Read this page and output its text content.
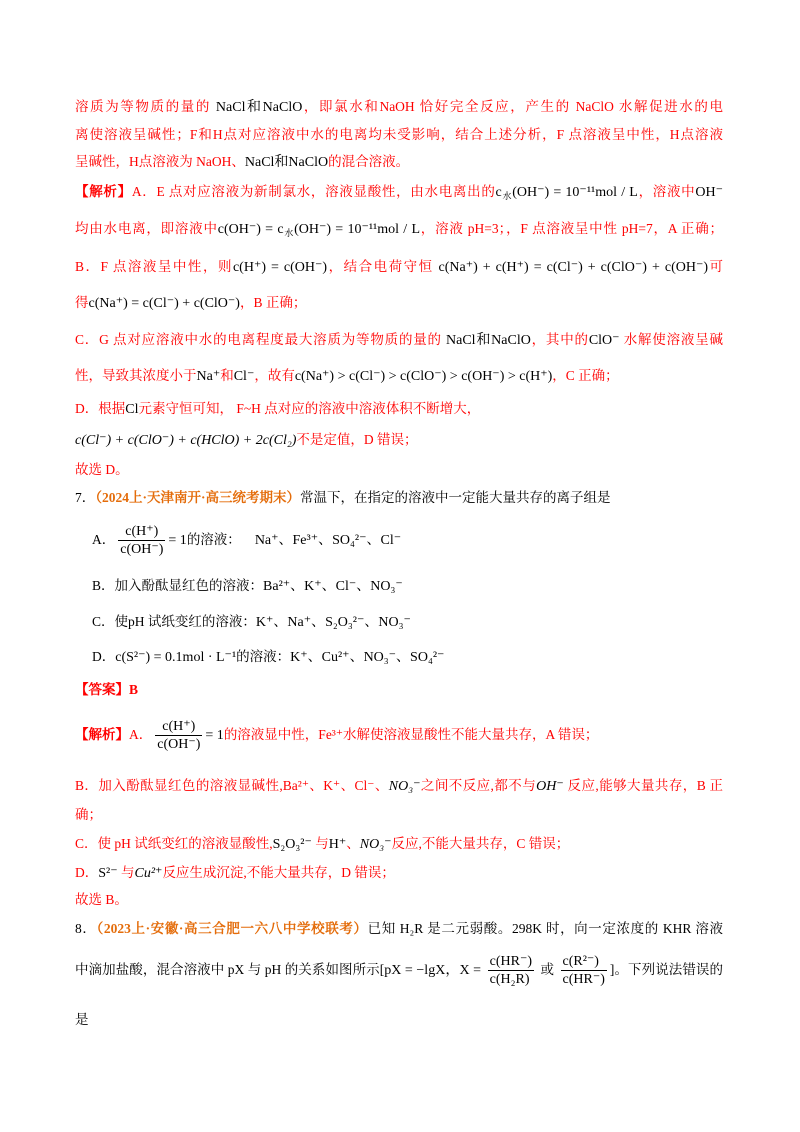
溶质为等物质的量的 NaCl和NaClO，即氯水和NaOH 恰好完全反应，产生的 NaClO 水解促进水的电
离使溶液呈碱性；F和H点对应溶液中水的电离均未受影响，结合上述分析，F 点溶液呈中性，H点溶液
呈碱性，H点溶液为 NaOH、NaCl和NaClO的混合溶液。
【解析】A．E 点对应溶液为新制氯水，溶液显酸性，由水电离出的$c_水(OH^-) = 10^{-11}mol / L$，溶液中OH⁻
均由水电离，即溶液中$c(OH^-) = c_水(OH^-) = 10^{-11}mol / L$，溶液 pH=3；，F 点溶液呈中性 pH=7，A 正确；
B．F 点溶液呈中性，则c(H⁺) = c(OH⁻)，结合电荷守恒 c(Na⁺) + c(H⁺) = c(Cl⁻) + c(ClO⁻) + c(OH⁻)可
得c(Na⁺) = c(Cl⁻) + c(ClO⁻)，B 正确；
C．G 点对应溶液中水的电离程度最大溶质为等物质的量的 NaCl和NaClO，其中的ClO⁻ 水解使溶液呈碱
性，导致其浓度小于Na⁺和Cl⁻，故有c(Na⁺) > c(Cl⁻) > c(ClO⁻) > c(OH⁻) > c(H⁺)，C 正确；
D．根据Cl元素守恒可知， F~H 点对应的溶液中溶液体积不断增大，
c(Cl⁻) + c(ClO⁻) + c(HClO) + 2c(Cl₂)不是定值，D 错误；
故选 D。
7．（2024上·天津南开·高三统考期末）常温下，在指定的溶液中一定能大量共存的离子组是
A． $\frac{c(H^+)}{c(OH^-)} = 1$的溶液： Na⁺、Fe³⁺、SO₄²⁻、Cl⁻
B．加入酚酞显红色的溶液：Ba²⁺、K⁺、Cl⁻、NO₃⁻
C．使pH 试纸变红的溶液：K⁺、Na⁺、S₂O₃²⁻、NO₃⁻
D．c(S²⁻) = 0.1mol · L⁻¹的溶液：K⁺、Cu²⁺、NO₃⁻、SO₄²⁻
【答案】B
【解析】A． $\frac{c(H^+)}{c(OH^-)} = 1$的溶液显中性，Fe³⁺水解使溶液显酸性不能大量共存，A 错误；
B．加入酚酞显红色的溶液显碱性,Ba²⁺、K⁺、Cl⁻、NO₃⁻之间不反应,都不与OH⁻ 反应,能够大量共存，B 正
确；
C．使 pH 试纸变红的溶液显酸性,S₂O₃²⁻ 与H⁺、NO₃⁻反应,不能大量共存，C 错误；
D．S²⁻ 与Cu²⁺反应生成沉淀,不能大量共存，D 错误；
故选 B。
8．（2023上·安徽·高三合肥一六八中学校联考）已知 H₂R 是二元弱酸。298K 时，向一定浓度的 KHR 溶液
中滴加盐酸，混合溶液中 pX 与 pH 的关系如图所示[pX = −lgX，$X = \frac{c(HR^-)}{\text{c(H₂R)}}$ 或 $\frac{\text{c(R²⁻)}}{c(HR^-)}$ ]。下列说法错误的
是
